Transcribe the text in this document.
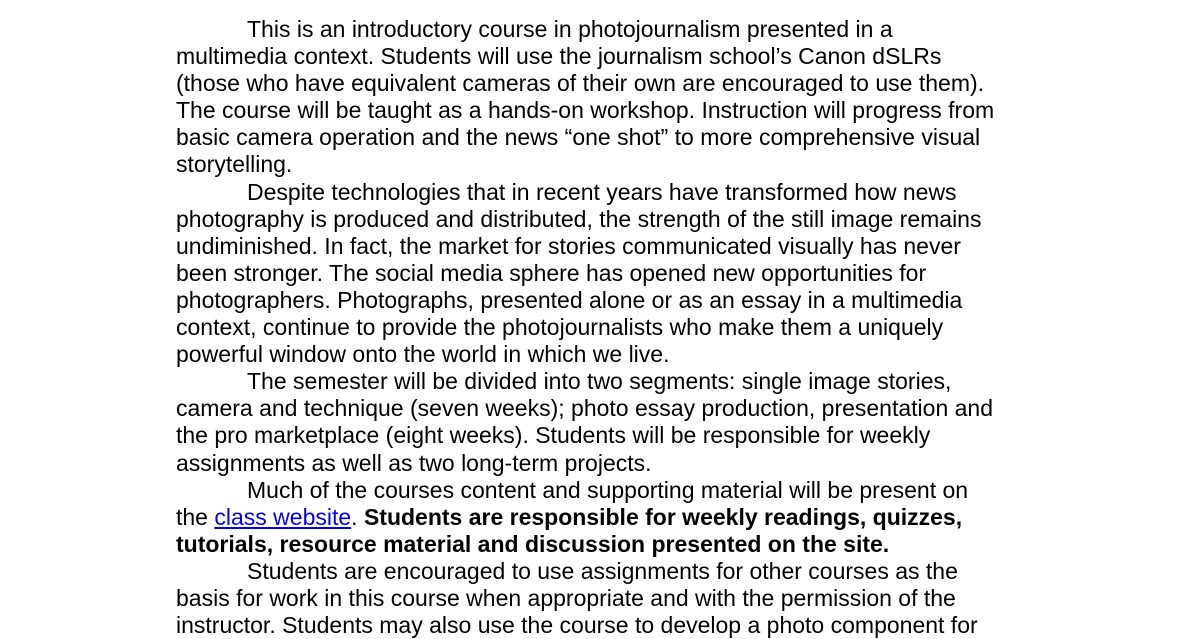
This is an introductory course in photojournalism presented in a
multimedia context. Students will use the journalism school’s Canon dSLRs
(those who have equivalent cameras of their own are encouraged to use them).
The course will be taught as a hands-on workshop. Instruction will progress from
basic camera operation and the news “one shot” to more comprehensive visual
storytelling.

Despite technologies that in recent years have transformed how news
photography is produced and distributed, the strength of the still image remains
undiminished. In fact, the market for stories communicated visually has never
been stronger. The social media sphere has opened new opportunities for
photographers. Photographs, presented alone or as an essay in a multimedia
context, continue to provide the photojournalists who make them a uniquely
powerful window onto the world in which we live.

The semester will be divided into two segments: single image stories,
camera and technique (seven weeks); photo essay production, presentation and
the pro marketplace (eight weeks). Students will be responsible for weekly
assignments as well as two long-term projects.

Much of the courses content and supporting material will be present on
the class website. Students are responsible for weekly readings, quizzes,
tutorials, resource material and discussion presented on the site.

Students are encouraged to use assignments for other courses as the
basis for work in this course when appropriate and with the permission of the
instructor. Students may also use the course to develop a photo component for
